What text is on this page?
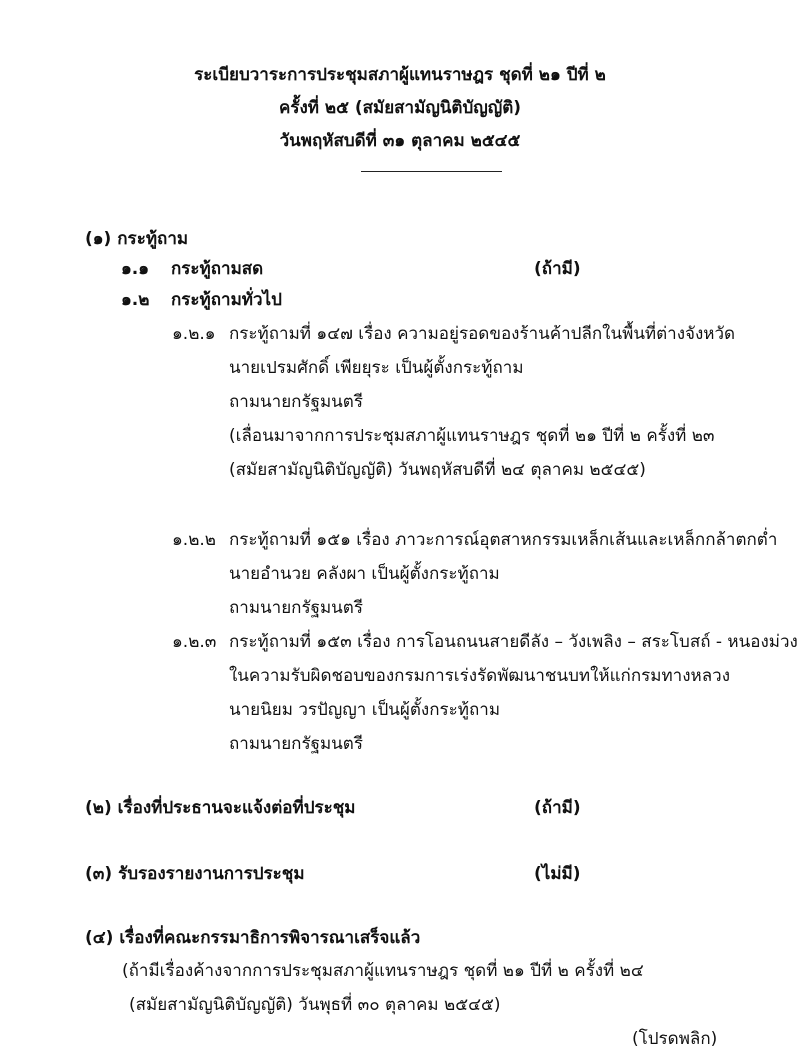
ระเบียบวาระการประชุมสภาผู้แทนราษฎร ชุดที่ ๒๑ ปีที่ ๒
ครั้งที่ ๒๕ (สมัยสามัญนิติบัญญัติ)
วันพฤหัสบดีที่ ๓๑ ตุลาคม ๒๕๔๕
(๑) กระทู้ถาม
๑.๑ กระทู้ถามสด	(ถ้ามี)
๑.๒ กระทู้ถามทั่วไป
๑.๒.๑ กระทู้ถามที่ ๑๔๗ เรื่อง ความอยู่รอดของร้านค้าปลีกในพื้นที่ต่างจังหวัด
นายเปรมศักดิ์ เพียยุระ เป็นผู้ตั้งกระทู้ถาม
ถามนายกรัฐมนตรี
(เลื่อนมาจากการประชุมสภาผู้แทนราษฎร ชุดที่ ๒๑ ปีที่ ๒ ครั้งที่ ๒๓
(สมัยสามัญนิติบัญญัติ) วันพฤหัสบดีที่ ๒๔ ตุลาคม ๒๕๔๕)
๑.๒.๒ กระทู้ถามที่ ๑๕๑ เรื่อง ภาวะการณ์อุตสาหกรรมเหล็กเส้นและเหล็กกล้าตกต่ำ
นายอำนวย คลังผา เป็นผู้ตั้งกระทู้ถาม
ถามนายกรัฐมนตรี
๑.๒.๓ กระทู้ถามที่ ๑๕๓ เรื่อง การโอนถนนสายดีลัง – วังเพลิง – สระโบสถ์ - หนองม่วง
ในความรับผิดชอบของกรมการเร่งรัดพัฒนาชนบทให้แก่กรมทางหลวง
นายนิยม วรปัญญา เป็นผู้ตั้งกระทู้ถาม
ถามนายกรัฐมนตรี
(๒) เรื่องที่ประธานจะแจ้งต่อที่ประชุม	(ถ้ามี)
(๓) รับรองรายงานการประชุม	(ไม่มี)
(๔) เรื่องที่คณะกรรมาธิการพิจารณาเสร็จแล้ว
(ถ้ามีเรื่องค้างจากการประชุมสภาผู้แทนราษฎร ชุดที่ ๒๑ ปีที่ ๒ ครั้งที่ ๒๔
(สมัยสามัญนิติบัญญัติ) วันพุธที่ ๓๐ ตุลาคม ๒๕๔๕)
(โปรดพลิก)
